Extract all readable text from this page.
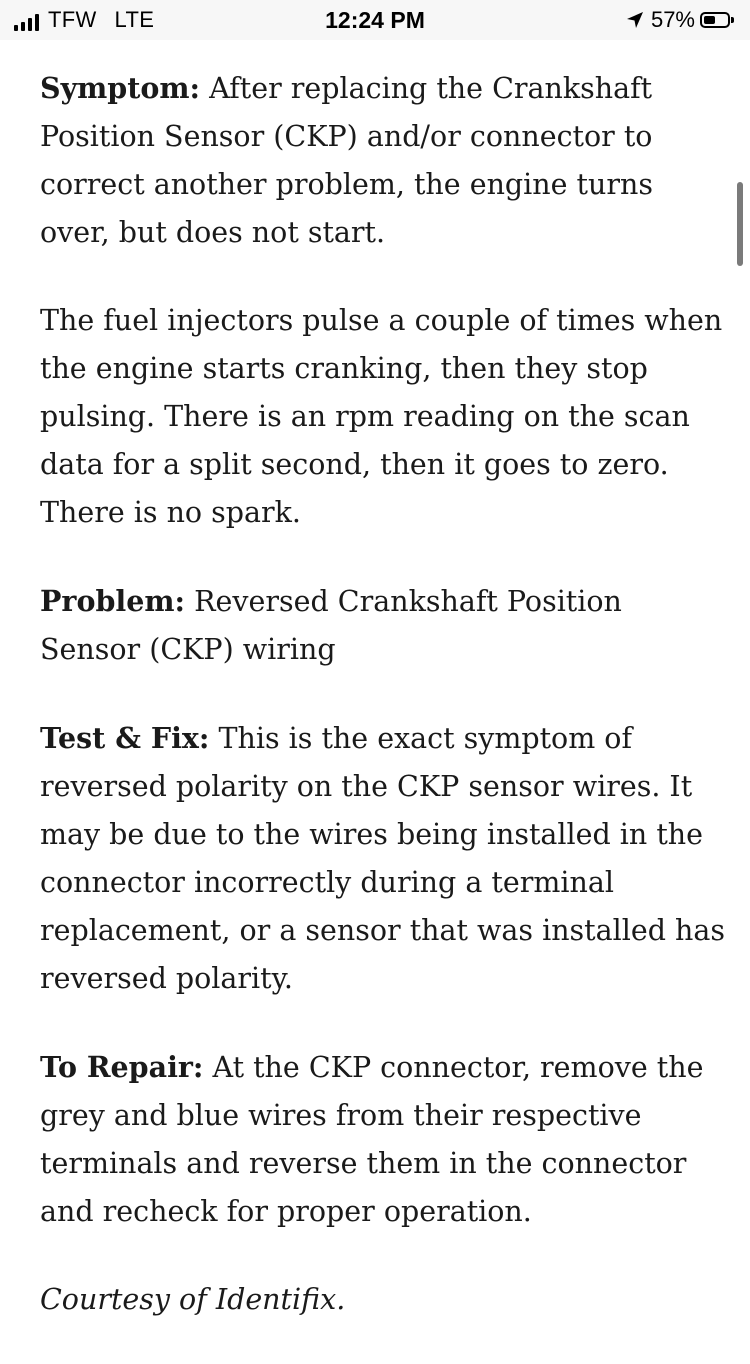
TFW LTE	12:24 PM	57%

Symptom: After replacing the Crankshaft Position Sensor (CKP) and/or connector to correct another problem, the engine turns over, but does not start.

The fuel injectors pulse a couple of times when the engine starts cranking, then they stop pulsing. There is an rpm reading on the scan data for a split second, then it goes to zero. There is no spark.

Problem: Reversed Crankshaft Position Sensor (CKP) wiring

Test & Fix: This is the exact symptom of reversed polarity on the CKP sensor wires. It may be due to the wires being installed in the connector incorrectly during a terminal replacement, or a sensor that was installed has reversed polarity.

To Repair: At the CKP connector, remove the grey and blue wires from their respective terminals and reverse them in the connector and recheck for proper operation.

Courtesy of Identifix.
